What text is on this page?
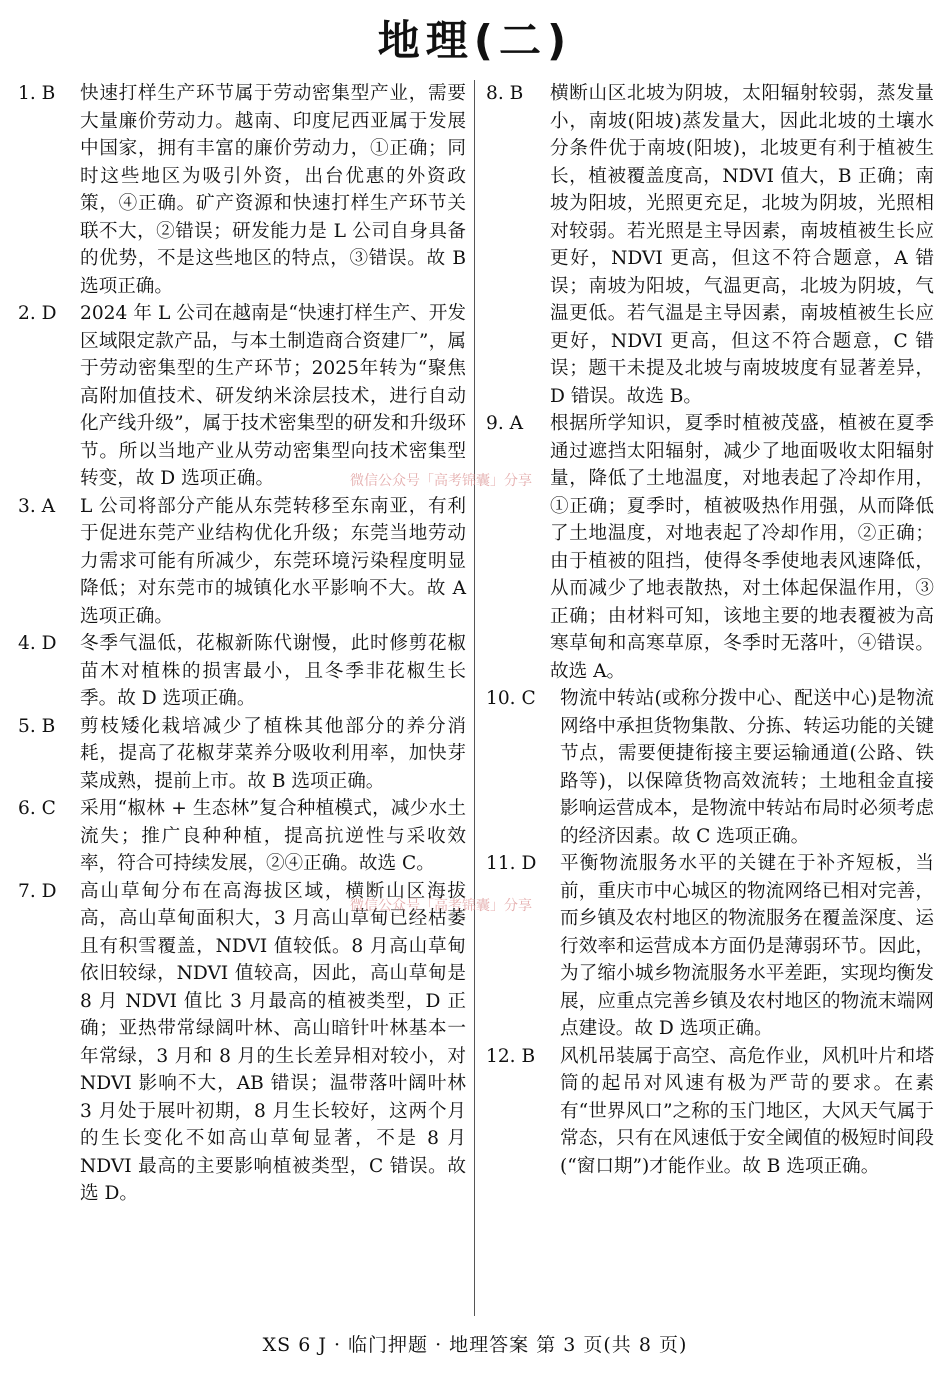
地理(二)
1. B	快速打样生产环节属于劳动密集型产业，需要大量廉价劳动力。越南、印度尼西亚属于发展中国家，拥有丰富的廉价劳动力，①正确；同时这些地区为吸引外资，出台优惠的外资政策，④正确。矿产资源和快速打样生产环节关联不大，②错误；研发能力是 L 公司自身具备的优势，不是这些地区的特点，③错误。故 B 选项正确。
2. D	2024 年 L 公司在越南是“快速打样生产、开发区域限定款产品，与本土制造商合资建厂”，属于劳动密集型的生产环节；2025年转为“聚焦高附加值技术、研发纳米涂层技术，进行自动化产线升级”，属于技术密集型的研发和升级环节。所以当地产业从劳动密集型向技术密集型转变，故 D 选项正确。
3. A	L 公司将部分产能从东莞转移至东南亚，有利于促进东莞产业结构优化升级；东莞当地劳动力需求可能有所减少，东莞环境污染程度明显降低；对东莞市的城镇化水平影响不大。故 A 选项正确。
4. D	冬季气温低，花椒新陈代谢慢，此时修剪花椒苗木对植株的损害最小，且冬季非花椒生长季。故 D 选项正确。
5. B	剪枝矮化栽培减少了植株其他部分的养分消耗，提高了花椒芽菜养分吸收利用率，加快芽菜成熟，提前上市。故 B 选项正确。
6. C	采用“椒林 + 生态林”复合种植模式，减少水土流失；推广良种种植，提高抗逆性与采收效率，符合可持续发展，②④正确。故选 C。
7. D	高山草甸分布在高海拔区域，横断山区海拔高，高山草甸面积大，3 月高山草甸已经枯萎且有积雪覆盖，NDVI 值较低。8 月高山草甸依旧较绿，NDVI 值较高，因此，高山草甸是 8 月 NDVI 值比 3 月最高的植被类型，D 正确；亚热带常绿阔叶林、高山暗针叶林基本一年常绿，3 月和 8 月的生长差异相对较小，对 NDVI 影响不大，AB 错误；温带落叶阔叶林 3 月处于展叶初期，8 月生长较好，这两个月的生长变化不如高山草甸显著，不是 8 月 NDVI 最高的主要影响植被类型，C 错误。故选 D。
8. B	横断山区北坡为阴坡，太阳辐射较弱，蒸发量小，南坡(阳坡)蒸发量大，因此北坡的土壤水分条件优于南坡(阳坡)，北坡更有利于植被生长，植被覆盖度高，NDVI 值大，B 正确；南坡为阳坡，光照更充足，北坡为阴坡，光照相对较弱。若光照是主导因素，南坡植被生长应更好，NDVI 更高，但这不符合题意，A 错误；南坡为阳坡，气温更高，北坡为阴坡，气温更低。若气温是主导因素，南坡植被生长应更好，NDVI 更高，但这不符合题意，C 错误；题干未提及北坡与南坡坡度有显著差异，D 错误。故选 B。
9. A	根据所学知识，夏季时植被茂盛，植被在夏季通过遮挡太阳辐射，减少了地面吸收太阳辐射量，降低了土地温度，对地表起了冷却作用，①正确；夏季时，植被吸热作用强，从而降低了土地温度，对地表起了冷却作用，②正确；由于植被的阻挡，使得冬季使地表风速降低，从而减少了地表散热，对土体起保温作用，③正确；由材料可知，该地主要的地表覆被为高寒草甸和高寒草原，冬季时无落叶，④错误。故选 A。
10. C	物流中转站(或称分拨中心、配送中心)是物流网络中承担货物集散、分拣、转运功能的关键节点，需要便捷衔接主要运输通道(公路、铁路等)，以保障货物高效流转；土地租金直接影响运营成本，是物流中转站布局时必须考虑的经济因素。故 C 选项正确。
11. D	平衡物流服务水平的关键在于补齐短板，当前，重庆市中心城区的物流网络已相对完善，而乡镇及农村地区的物流服务在覆盖深度、运行效率和运营成本方面仍是薄弱环节。因此，为了缩小城乡物流服务水平差距，实现均衡发展，应重点完善乡镇及农村地区的物流末端网点建设。故 D 选项正确。
12. B	风机吊装属于高空、高危作业，风机叶片和塔筒的起吊对风速有极为严苛的要求。在素有“世界风口”之称的玉门地区，大风天气属于常态，只有在风速低于安全阈值的极短时间段(“窗口期”)才能作业。故 B 选项正确。
微信公众号「高考锦囊」分享
微信公众号「高考锦囊」分享
XS 6 J · 临门押题 · 地理答案 第 3 页(共 8 页)
